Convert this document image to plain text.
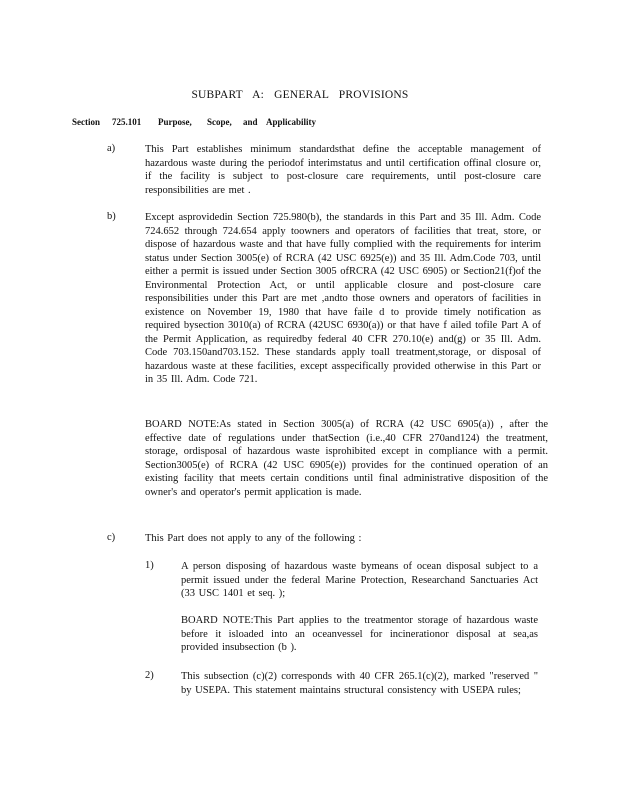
SUBPART A: GENERAL PROVISIONS
Section 725.101 Purpose, Scope, and Applicability
a)	This Part establishes minimum standardsthat define the acceptable management of hazardous waste during the periodof interimstatus and until certification offinal closure or, if the facility is subject to post-closure care requirements, until post-closure care responsibilities are met .
b)	Except asprovidedin Section 725.980(b), the standards in this Part and 35 Ill. Adm. Code 724.652 through 724.654 apply toowners and operators of facilities that treat, store, or dispose of hazardous waste and that have fully complied with the requirements for interim status under Section 3005(e) of RCRA (42 USC 6925(e)) and 35 Ill. Adm.Code 703, until either a permit is issued under Section 3005 ofRCRA (42 USC 6905) or Section21(f)of the Environmental Protection Act, or until applicable closure and post-closure care responsibilities under this Part are met ,andto those owners and operators of facilities in existence on November 19, 1980 that have faile d to provide timely notification as required bysection 3010(a) of RCRA (42USC 6930(a)) or that have f ailed tofile Part A of the Permit Application, as requiredby federal 40 CFR 270.10(e) and(g) or 35 Ill. Adm. Code 703.150and703.152. These standards apply toall treatment,storage, or disposal of hazardous waste at these facilities, except asspecifically provided otherwise in this Part or in 35 Ill. Adm. Code 721.
BOARD NOTE:As stated in Section 3005(a) of RCRA (42 USC 6905(a)) , after the effective date of regulations under thatSection (i.e.,40 CFR 270and124) the treatment, storage, ordisposal of hazardous waste isprohibited except in compliance with a permit. Section3005(e) of RCRA (42 USC 6905(e)) provides for the continued operation of an existing facility that meets certain conditions until final administrative disposition of the owner's and operator's permit application is made.
c)	This Part does not apply to any of the following :
1)	A person disposing of hazardous waste bymeans of ocean disposal subject to a permit issued under the federal Marine Protection, Researchand Sanctuaries Act (33 USC 1401 et seq. );
BOARD NOTE:This Part applies to the treatmentor storage of hazardous waste before it isloaded into an oceanvessel for incinerationor disposal at sea,as provided insubsection (b ).
2)	This subsection (c)(2) corresponds with 40 CFR 265.1(c)(2), marked "reserved " by USEPA. This statement maintains structural consistency with USEPA rules;
